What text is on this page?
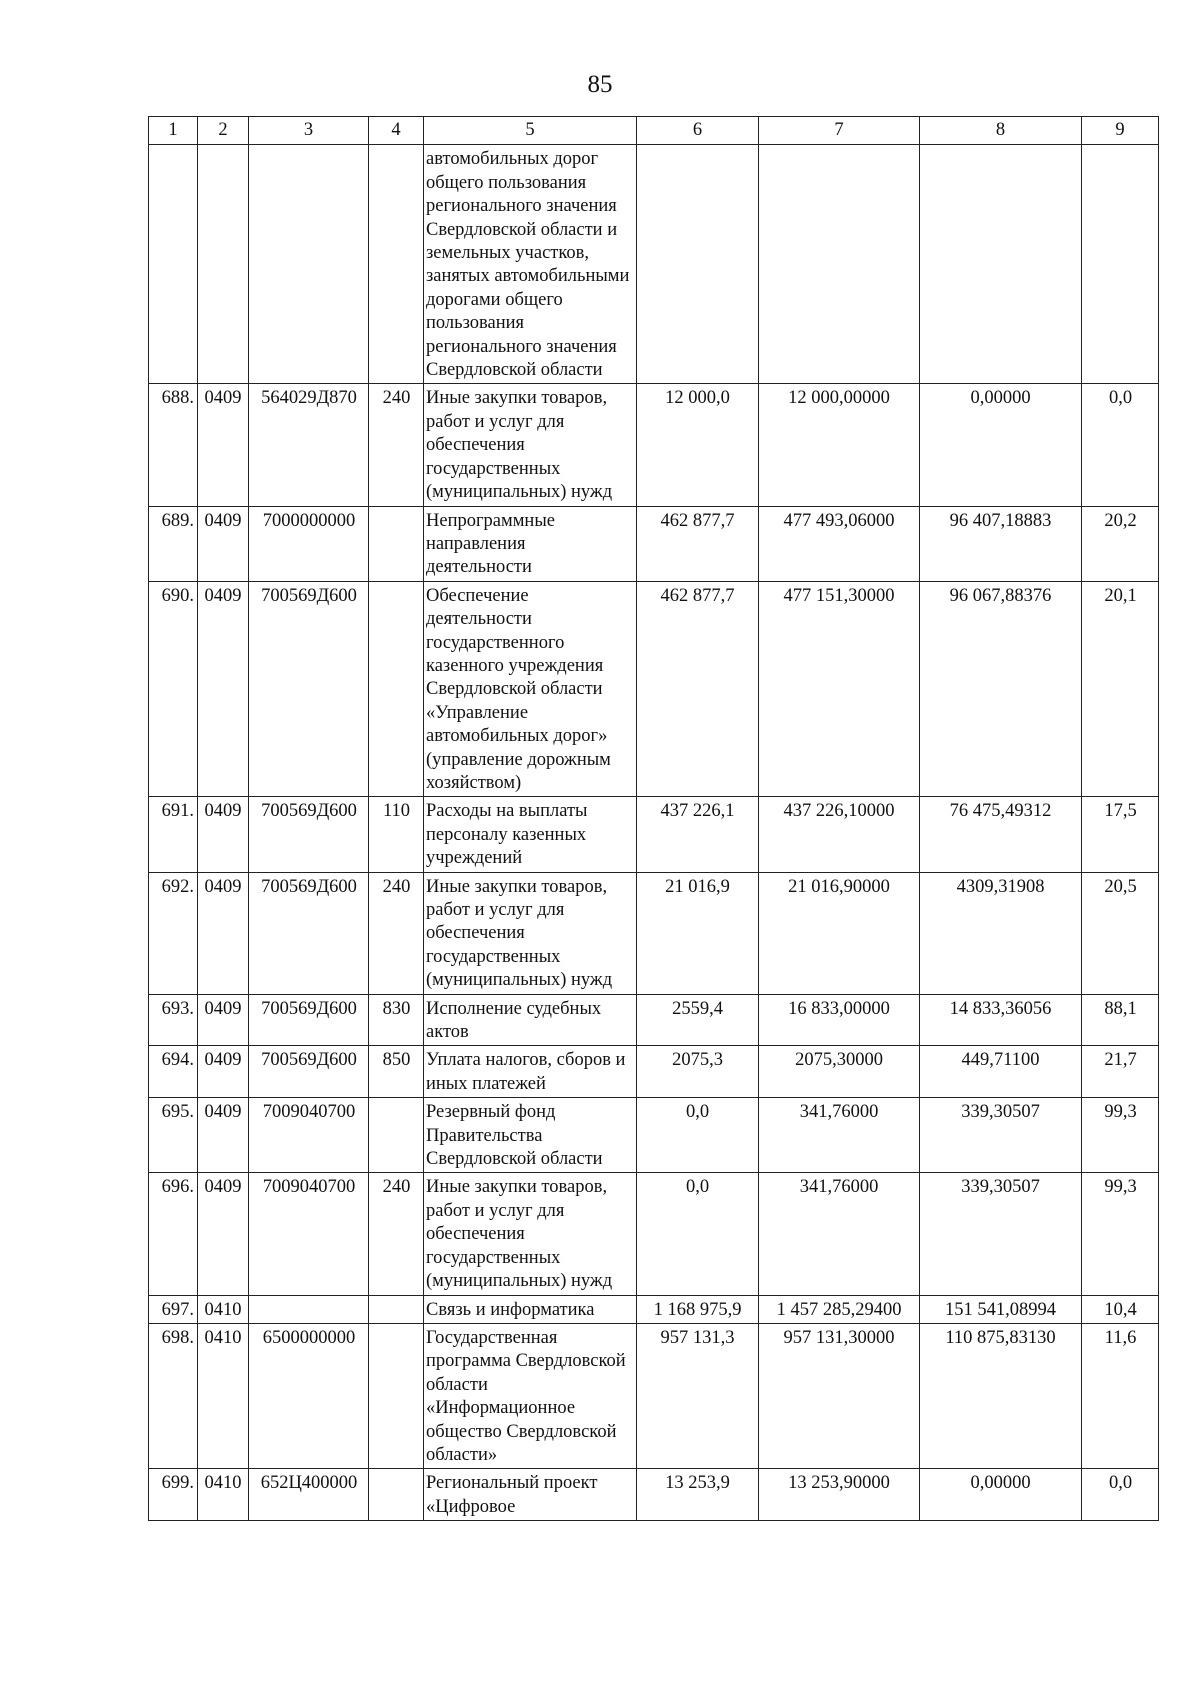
85
1	2	3	4	5	6	7	8	9
				автомобильных дорог общего пользования регионального значения Свердловской области и земельных участков, занятых автомобильными дорогами общего пользования регионального значения Свердловской области				
688.	0409	564029Д870	240	Иные закупки товаров, работ и услуг для обеспечения государственных (муниципальных) нужд	12 000,0	12 000,00000	0,00000	0,0
689.	0409	7000000000		Непрограммные направления деятельности	462 877,7	477 493,06000	96 407,18883	20,2
690.	0409	700569Д600		Обеспечение деятельности государственного казенного учреждения Свердловской области «Управление автомобильных дорог» (управление дорожным хозяйством)	462 877,7	477 151,30000	96 067,88376	20,1
691.	0409	700569Д600	110	Расходы на выплаты персоналу казенных учреждений	437 226,1	437 226,10000	76 475,49312	17,5
692.	0409	700569Д600	240	Иные закупки товаров, работ и услуг для обеспечения государственных (муниципальных) нужд	21 016,9	21 016,90000	4309,31908	20,5
693.	0409	700569Д600	830	Исполнение судебных актов	2559,4	16 833,00000	14 833,36056	88,1
694.	0409	700569Д600	850	Уплата налогов, сборов и иных платежей	2075,3	2075,30000	449,71100	21,7
695.	0409	7009040700		Резервный фонд Правительства Свердловской области	0,0	341,76000	339,30507	99,3
696.	0409	7009040700	240	Иные закупки товаров, работ и услуг для обеспечения государственных (муниципальных) нужд	0,0	341,76000	339,30507	99,3
697.	0410			Связь и информатика	1 168 975,9	1 457 285,29400	151 541,08994	10,4
698.	0410	6500000000		Государственная программа Свердловской области «Информационное общество Свердловской области»	957 131,3	957 131,30000	110 875,83130	11,6
699.	0410	652Ц400000		Региональный проект «Цифровое	13 253,9	13 253,90000	0,00000	0,0
